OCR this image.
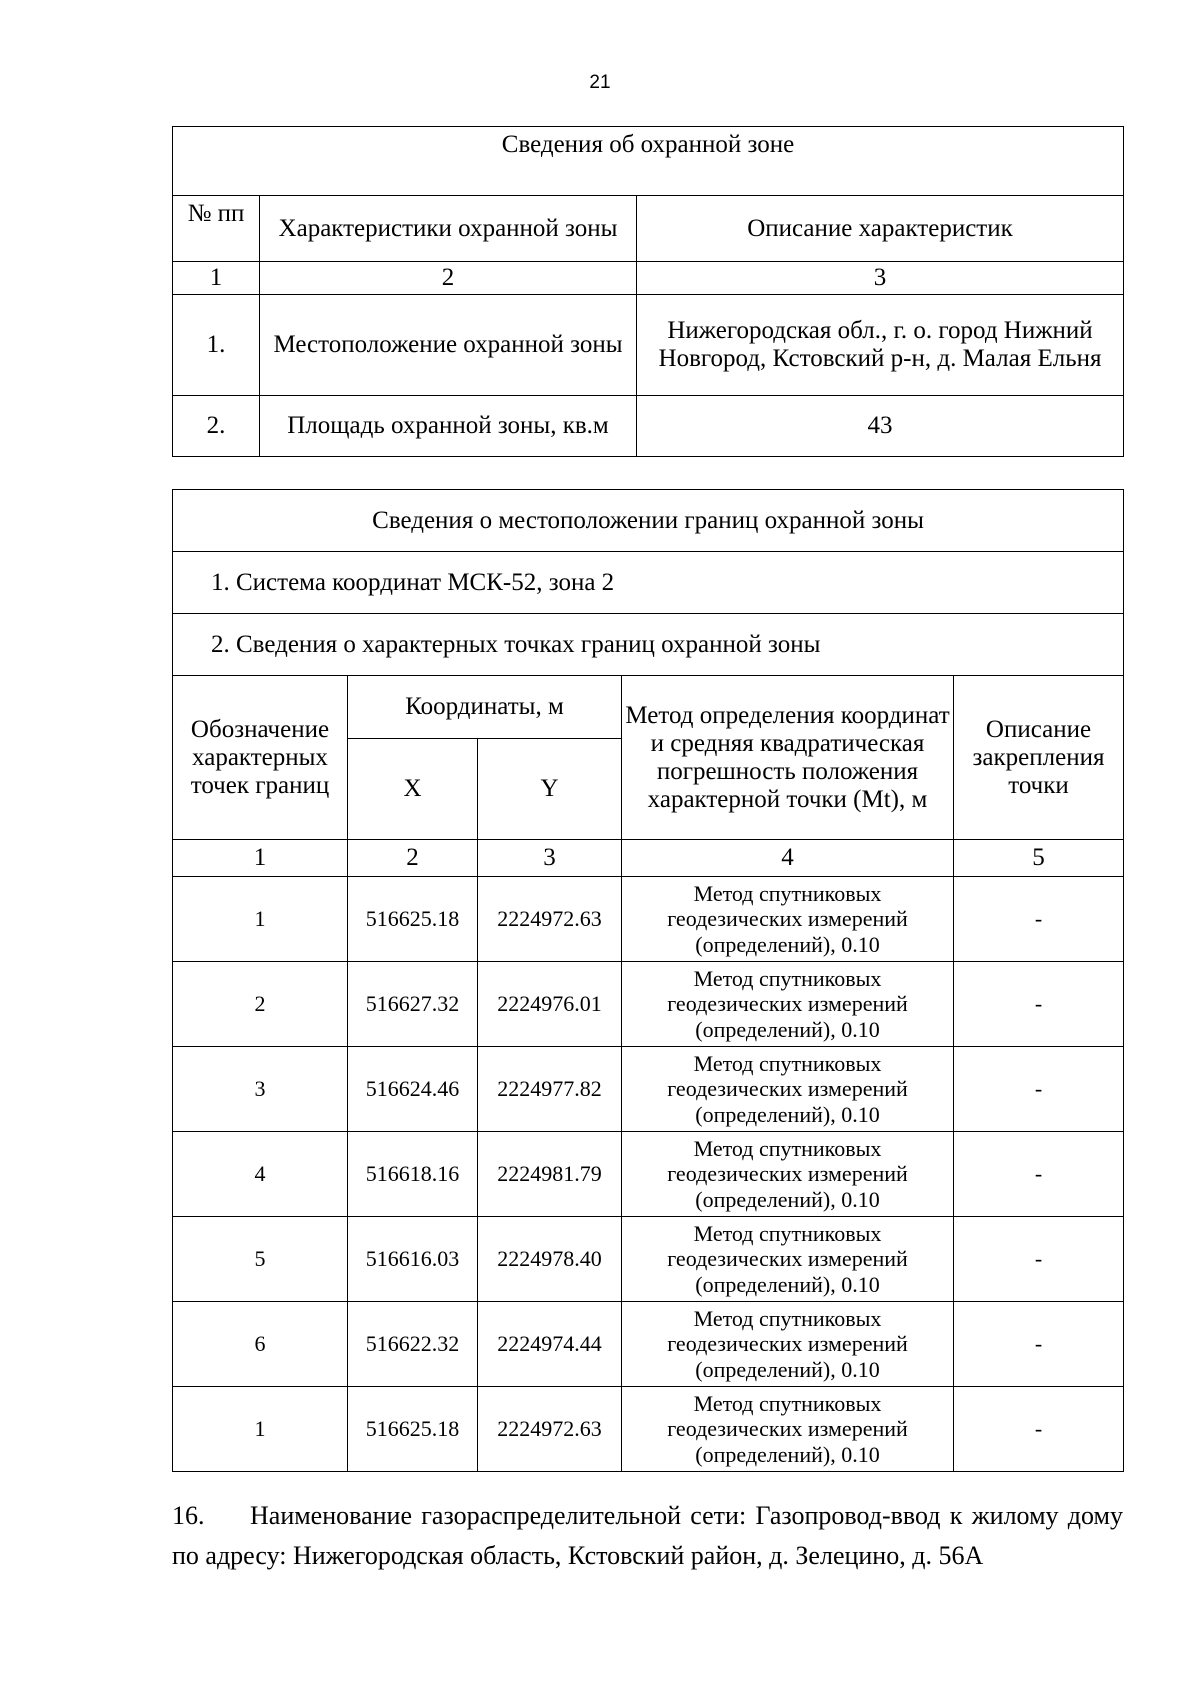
21
Сведения об охранной зоне		
№ пп	Характеристики охранной зоны	Описание характеристик
1	2	3
1.	Местоположение охранной зоны	Нижегородская обл., г. о. город Нижний Новгород, Кстовский р-н, д. Малая Ельня
2.	Площадь охранной зоны, кв.м	43
Сведения о местоположении границ охранной зоны				
1. Система координат МСК-52, зона 2				
2. Сведения о характерных точках границ охранной зоны				
Обозначение характерных точек границ	Координаты, м		Метод определения координат и средняя квадратическая погрешность положения характерной точки (Mt), м	Описание закрепления точки
	X	Y		
1	2	3	4	5
1	516625.18	2224972.63	Метод спутниковых геодезических измерений (определений), 0.10	-
2	516627.32	2224976.01	Метод спутниковых геодезических измерений (определений), 0.10	-
3	516624.46	2224977.82	Метод спутниковых геодезических измерений (определений), 0.10	-
4	516618.16	2224981.79	Метод спутниковых геодезических измерений (определений), 0.10	-
5	516616.03	2224978.40	Метод спутниковых геодезических измерений (определений), 0.10	-
6	516622.32	2224974.44	Метод спутниковых геодезических измерений (определений), 0.10	-
1	516625.18	2224972.63	Метод спутниковых геодезических измерений (определений), 0.10	-
16. Наименование газораспределительной сети: Газопровод-ввод к жилому дому по адресу: Нижегородская область, Кстовский район, д. Зелецино, д. 56А
